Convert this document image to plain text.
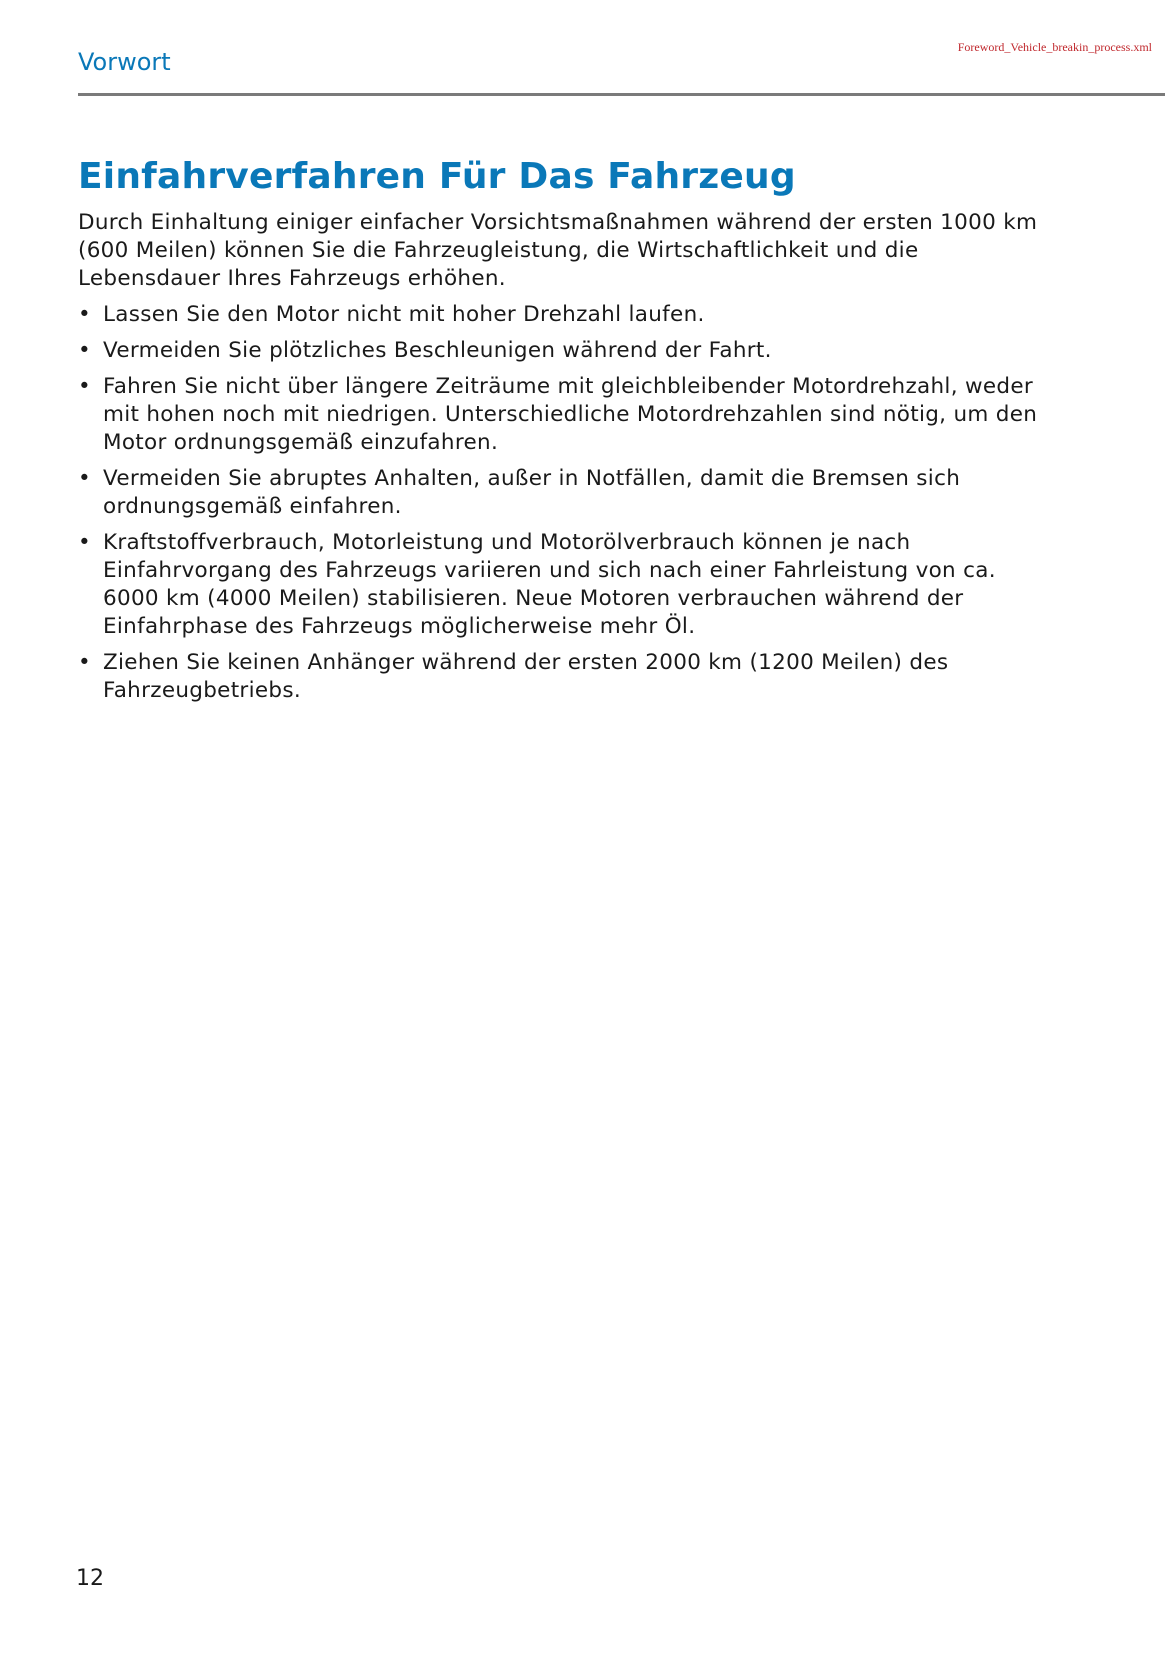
Vorwort
Foreword_Vehicle_breakin_process.xml
Einfahrverfahren Für Das Fahrzeug

Durch Einhaltung einiger einfacher Vorsichtsmaßnahmen während der ersten 1000 km (600 Meilen) können Sie die Fahrzeugleistung, die Wirtschaftlichkeit und die Lebensdauer Ihres Fahrzeugs erhöhen.

• Lassen Sie den Motor nicht mit hoher Drehzahl laufen.
• Vermeiden Sie plötzliches Beschleunigen während der Fahrt.
• Fahren Sie nicht über längere Zeiträume mit gleichbleibender Motordrehzahl, weder mit hohen noch mit niedrigen. Unterschiedliche Motordrehzahlen sind nötig, um den Motor ordnungsgemäß einzufahren.
• Vermeiden Sie abruptes Anhalten, außer in Notfällen, damit die Bremsen sich ordnungsgemäß einfahren.
• Kraftstoffverbrauch, Motorleistung und Motorölverbrauch können je nach Einfahrvorgang des Fahrzeugs variieren und sich nach einer Fahrleistung von ca. 6000 km (4000 Meilen) stabilisieren. Neue Motoren verbrauchen während der Einfahrphase des Fahrzeugs möglicherweise mehr Öl.
• Ziehen Sie keinen Anhänger während der ersten 2000 km (1200 Meilen) des Fahrzeugbetriebs.
12
